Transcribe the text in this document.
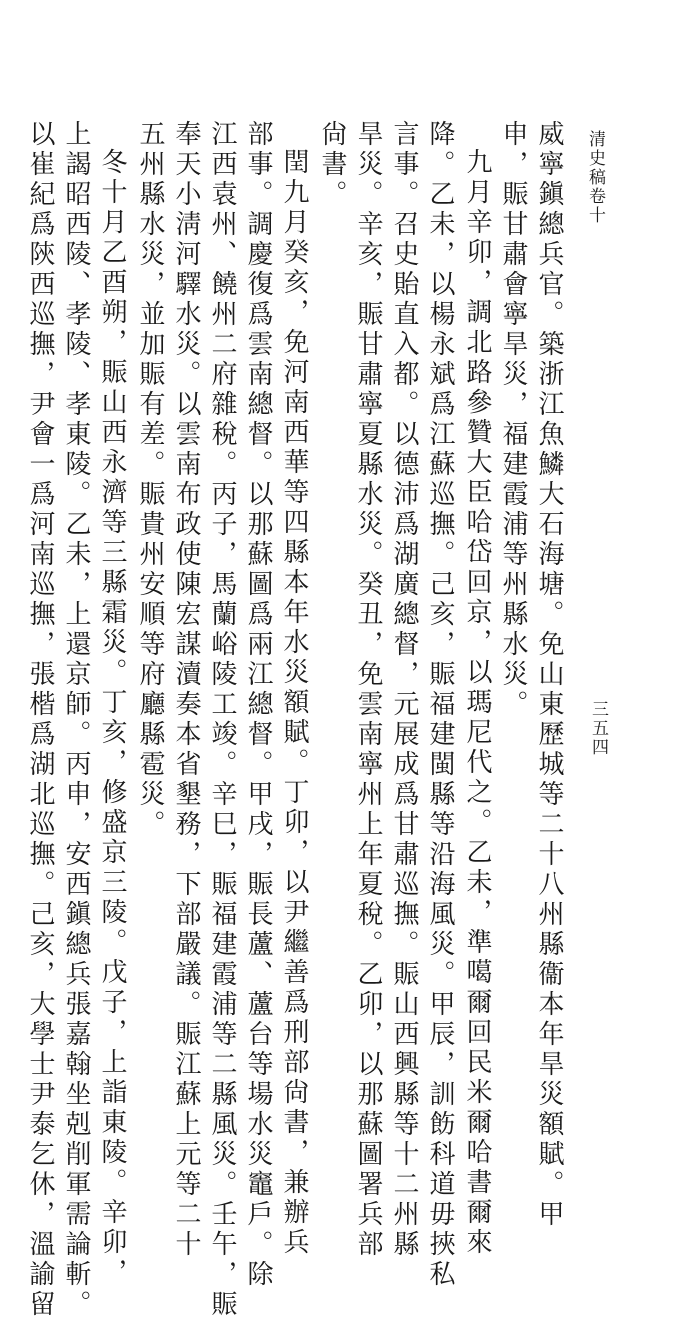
清史稿卷十
三五四
威寧鎭總兵官。築浙江魚鱗大石海塘。免山東歷城等二十八州縣衞本年旱災額賦。甲
申，賑甘肅會寧旱災，福建霞浦等州縣水災。
九月辛卯，調北路參贊大臣哈岱回京，以瑪尼代之。乙未，準噶爾回民米爾哈書爾來
降。乙未，以楊永斌爲江蘇巡撫。己亥，賑福建閩縣等沿海風災。甲辰，訓飭科道毋挾私
言事。召史貽直入都。以德沛爲湖廣總督，元展成爲甘肅巡撫。賑山西興縣等十二州縣
旱災。辛亥，賑甘肅寧夏縣水災。癸丑，免雲南寧州上年夏稅。乙卯，以那蘇圖署兵部
尙書。
閏九月癸亥，免河南西華等四縣本年水災額賦。丁卯，以尹繼善爲刑部尙書，兼辦兵
部事。調慶復爲雲南總督。以那蘇圖爲兩江總督。甲戌，賑長蘆、蘆台等場水災竈戶。除
江西袁州、饒州二府雜稅。丙子，馬蘭峪陵工竣。辛巳，賑福建霞浦等二縣風災。壬午，賑
奉天小淸河驛水災。以雲南布政使陳宏謀瀆奏本省墾務，下部嚴議。賑江蘇上元等二十
五州縣水災，並加賑有差。賑貴州安順等府廳縣雹災。
冬十月乙酉朔，賑山西永濟等三縣霜災。丁亥，修盛京三陵。戊子，上詣東陵。辛卯，
上謁昭西陵、孝陵、孝東陵。乙未，上還京師。丙申，安西鎭總兵張嘉翰坐剋削軍需論斬。
以崔紀爲陝西巡撫，尹會一爲河南巡撫，張楷爲湖北巡撫。己亥，大學士尹泰乞休，溫諭留
